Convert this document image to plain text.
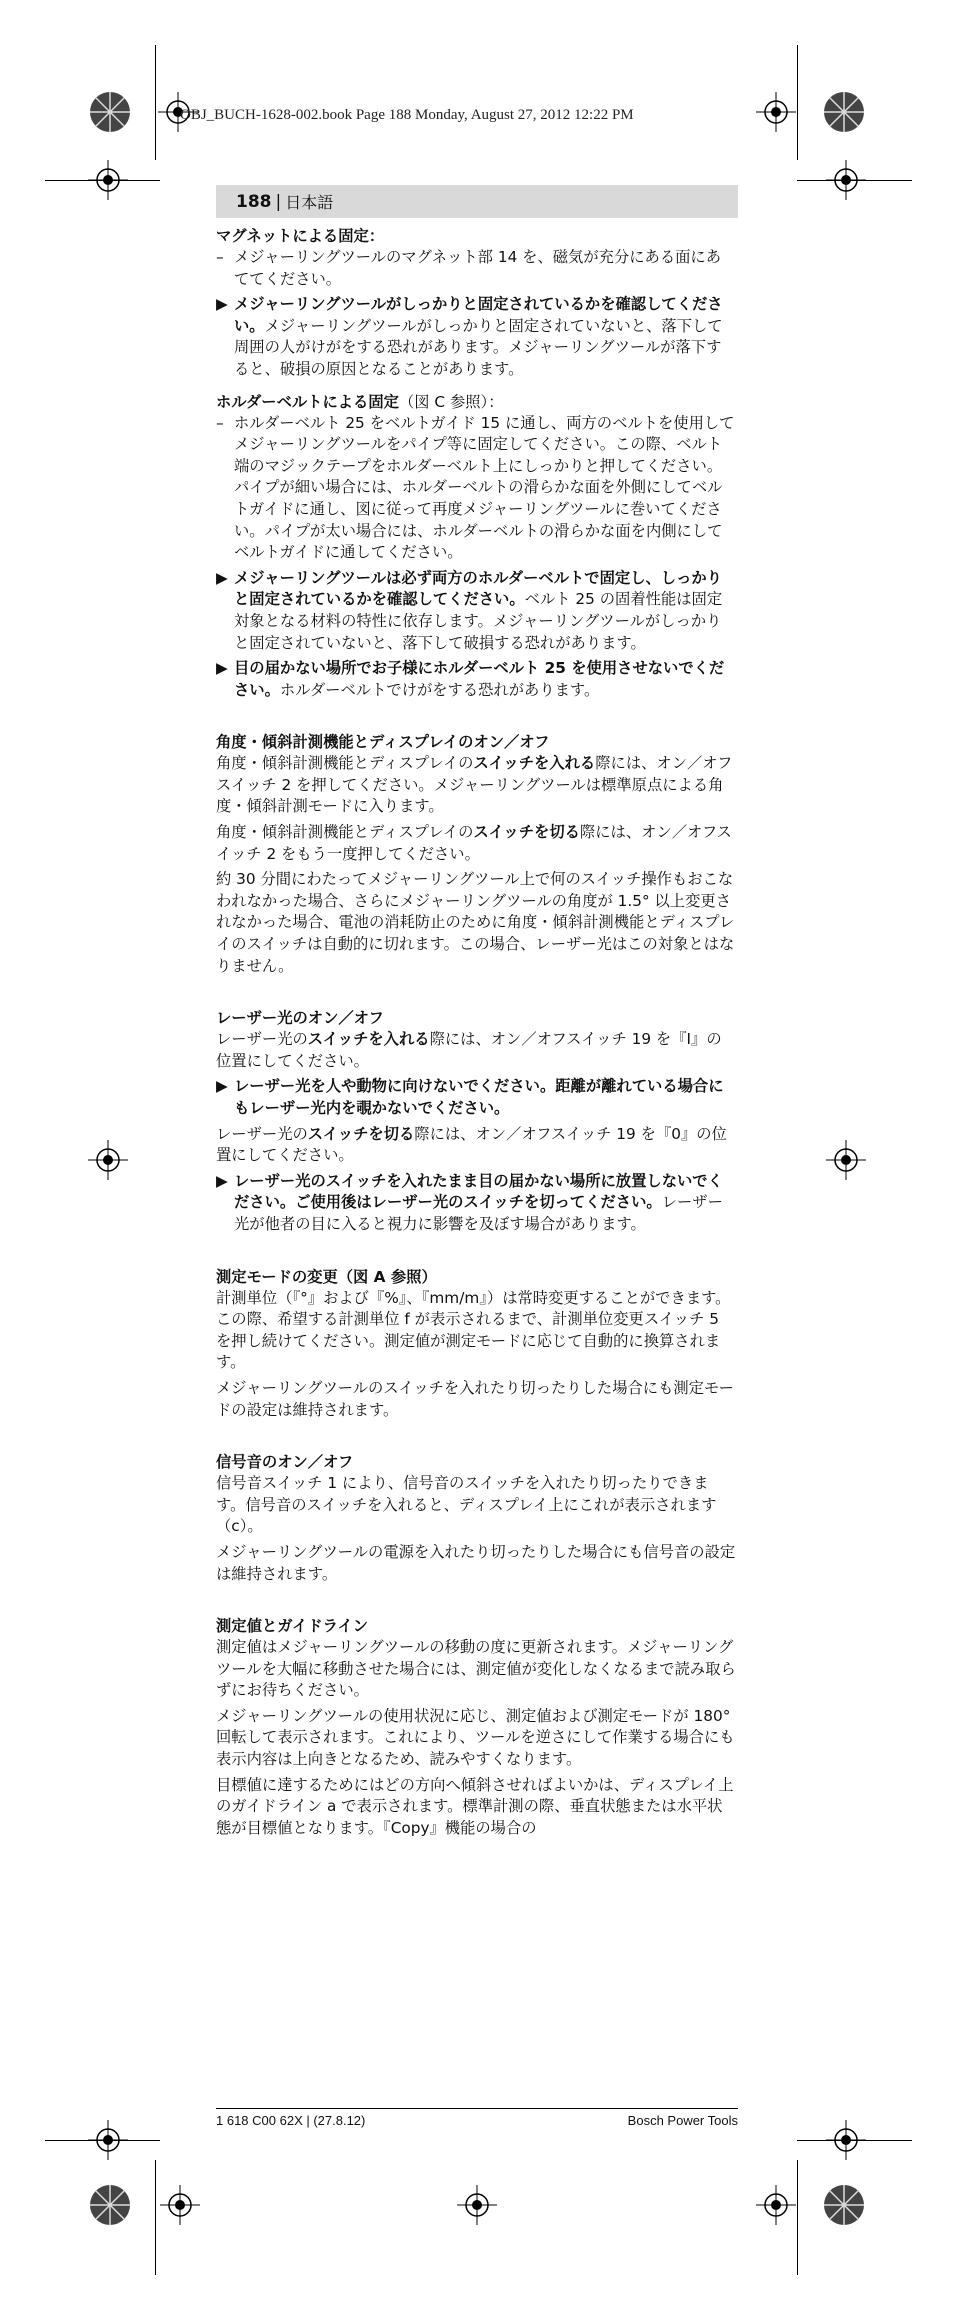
OBJ_BUCH-1628-002.book Page 188 Monday, August 27, 2012 12:22 PM
188 | 日本語
マグネットによる固定：
– メジャーリングツールのマグネット部 14 を、磁気が充分にある面にあててください。
▶ メジャーリングツールがしっかりと固定されているかを確認してください。メジャーリングツールがしっかりと固定されていないと、落下して周囲の人がけがをする恐れがあります。メジャーリングツールが落下すると、破損の原因となることがあります。
ホルダーベルトによる固定（図 C 参照）：
– ホルダーベルト 25 をベルトガイド 15 に通し、両方のベルトを使用してメジャーリングツールをパイプ等に固定してください。この際、ベルト端のマジックテープをホルダーベルト上にしっかりと押してください。パイプが細い場合には、ホルダーベルトの滑らかな面を外側にしてベルトガイドに通し、図に従って再度メジャーリングツールに巻いてください。パイプが太い場合には、ホルダーベルトの滑らかな面を内側にしてベルトガイドに通してください。
▶ メジャーリングツールは必ず両方のホルダーベルトで固定し、しっかりと固定されているかを確認してください。ベルト 25 の固着性能は固定対象となる材料の特性に依存します。メジャーリングツールがしっかりと固定されていないと、落下して破損する恐れがあります。
▶ 目の届かない場所でお子様にホルダーベルト 25 を使用させないでください。ホルダーベルトでけがをする恐れがあります。
角度・傾斜計測機能とディスプレイのオン／オフ

角度・傾斜計測機能とディスプレイのスイッチを入れる際には、オン／オフスイッチ 2 を押してください。メジャーリングツールは標準原点による角度・傾斜計測モードに入ります。

角度・傾斜計測機能とディスプレイのスイッチを切る際には、オン／オフスイッチ 2 をもう一度押してください。

約 30 分間にわたってメジャーリングツール上で何のスイッチ操作もおこなわれなかった場合、さらにメジャーリングツールの角度が 1.5° 以上変更されなかった場合、電池の消耗防止のために角度・傾斜計測機能とディスプレイのスイッチは自動的に切れます。この場合、レーザー光はこの対象とはなりません。

レーザー光のオン／オフ

レーザー光のスイッチを入れる際には、オン／オフスイッチ 19 を『I』の位置にしてください。

▶ レーザー光を人や動物に向けないでください。距離が離れている場合にもレーザー光内を覗かないでください。

レーザー光のスイッチを切る際には、オン／オフスイッチ 19 を『0』の位置にしてください。

▶ レーザー光のスイッチを入れたまま目の届かない場所に放置しないでください。ご使用後はレーザー光のスイッチを切ってください。レーザー光が他者の目に入ると視力に影響を及ぼす場合があります。
測定モードの変更（図 A 参照）

計測単位（『°』および『%』、『mm/m』）は常時変更することができます。この際、希望する計測単位 f が表示されるまで、計測単位変更スイッチ 5 を押し続けてください。測定値が測定モードに応じて自動的に換算されます。

メジャーリングツールのスイッチを入れたり切ったりした場合にも測定モードの設定は維持されます。

信号音のオン／オフ

信号音スイッチ 1 により、信号音のスイッチを入れたり切ったりできます。信号音のスイッチを入れると、ディスプレイ上にこれが表示されます（c）。

メジャーリングツールの電源を入れたり切ったりした場合にも信号音の設定は維持されます。

測定値とガイドライン

測定値はメジャーリングツールの移動の度に更新されます。メジャーリングツールを大幅に移動させた場合には、測定値が変化しなくなるまで読み取らずにお待ちください。

メジャーリングツールの使用状況に応じ、測定値および測定モードが 180° 回転して表示されます。これにより、ツールを逆さにして作業する場合にも表示内容は上向きとなるため、読みやすくなります。

目標値に達するためにはどの方向へ傾斜させればよいかは、ディスプレイ上のガイドライン a で表示されます。標準計測の際、垂直状態または水平状態が目標値となります。『Copy』機能の場合の

1 618 C00 62X | (27.8.12)	Bosch Power Tools
